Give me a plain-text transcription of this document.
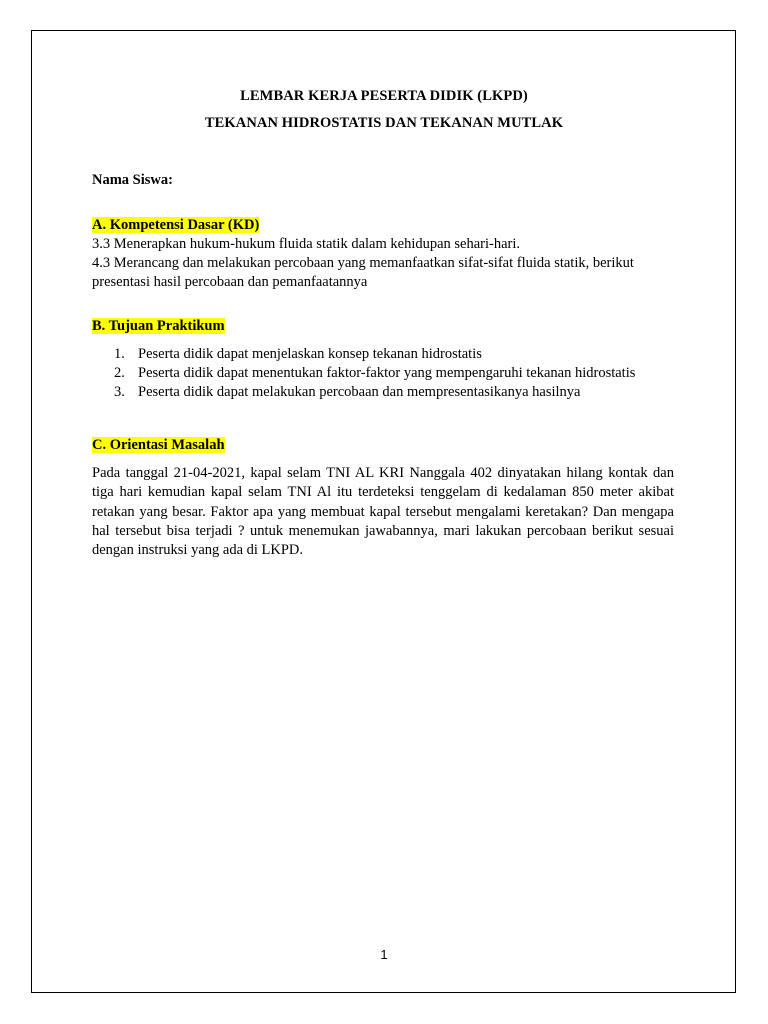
LEMBAR KERJA PESERTA DIDIK (LKPD)
TEKANAN HIDROSTATIS DAN TEKANAN MUTLAK
Nama Siswa:
A. Kompetensi Dasar (KD)

3.3 Menerapkan hukum-hukum fluida statik dalam kehidupan sehari-hari.

4.3 Merancang dan melakukan percobaan yang memanfaatkan sifat-sifat fluida statik, berikut presentasi hasil percobaan dan pemanfaatannya

B. Tujuan Praktikum
1. Peserta didik dapat menjelaskan konsep tekanan hidrostatis
2. Peserta didik dapat menentukan faktor-faktor yang mempengaruhi tekanan hidrostatis
3. Peserta didik dapat melakukan percobaan dan mempresentasikanya hasilnya
C. Orientasi Masalah
Pada tanggal 21-04-2021, kapal selam TNI AL KRI Nanggala 402 dinyatakan hilang kontak dan tiga hari kemudian kapal selam TNI Al itu terdeteksi tenggelam di kedalaman 850 meter akibat retakan yang besar. Faktor apa yang membuat kapal tersebut mengalami keretakan? Dan mengapa hal tersebut bisa terjadi ? untuk menemukan jawabannya, mari lakukan percobaan berikut sesuai dengan instruksi yang ada di LKPD.
1
